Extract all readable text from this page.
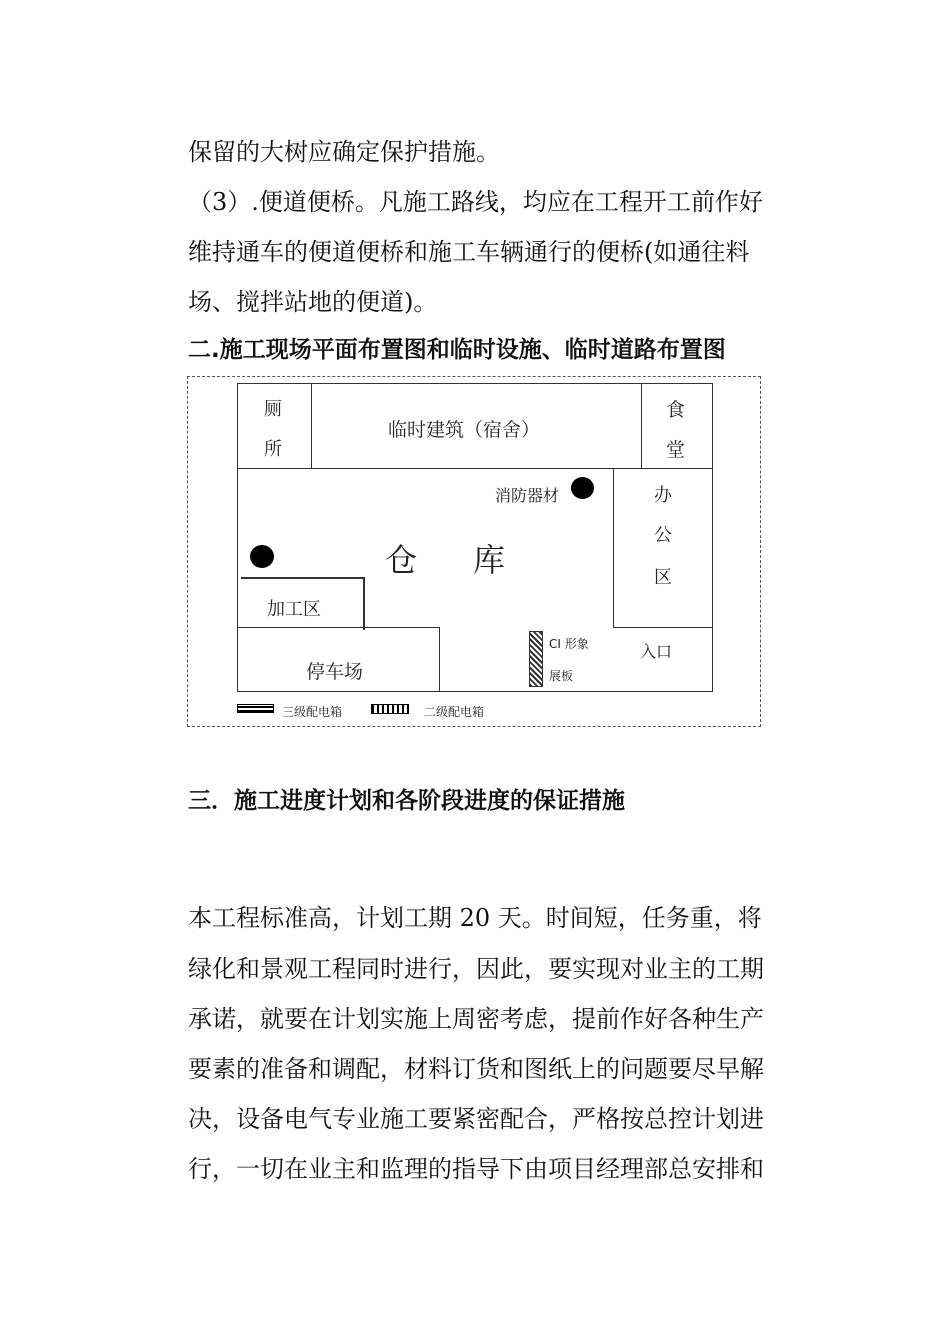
保留的大树应确定保护措施。
（3）.便道便桥。凡施工路线，均应在工程开工前作好
维持通车的便道便桥和施工车辆通行的便桥(如通往料
场、搅拌站地的便道)。
二.施工现场平面布置图和临时设施、临时道路布置图
厕
所
临时建筑（宿舍）
食
堂
消防器材	办
公
区
仓 库
加工区
停车场
CI 形象
展板
入口
三级配电箱	二级配电箱
三．施工进度计划和各阶段进度的保证措施
本工程标准高，计划工期 20 天。时间短，任务重，将
绿化和景观工程同时进行，因此，要实现对业主的工期
承诺，就要在计划实施上周密考虑，提前作好各种生产
要素的准备和调配，材料订货和图纸上的问题要尽早解
决，设备电气专业施工要紧密配合，严格按总控计划进
行，一切在业主和监理的指导下由项目经理部总安排和
